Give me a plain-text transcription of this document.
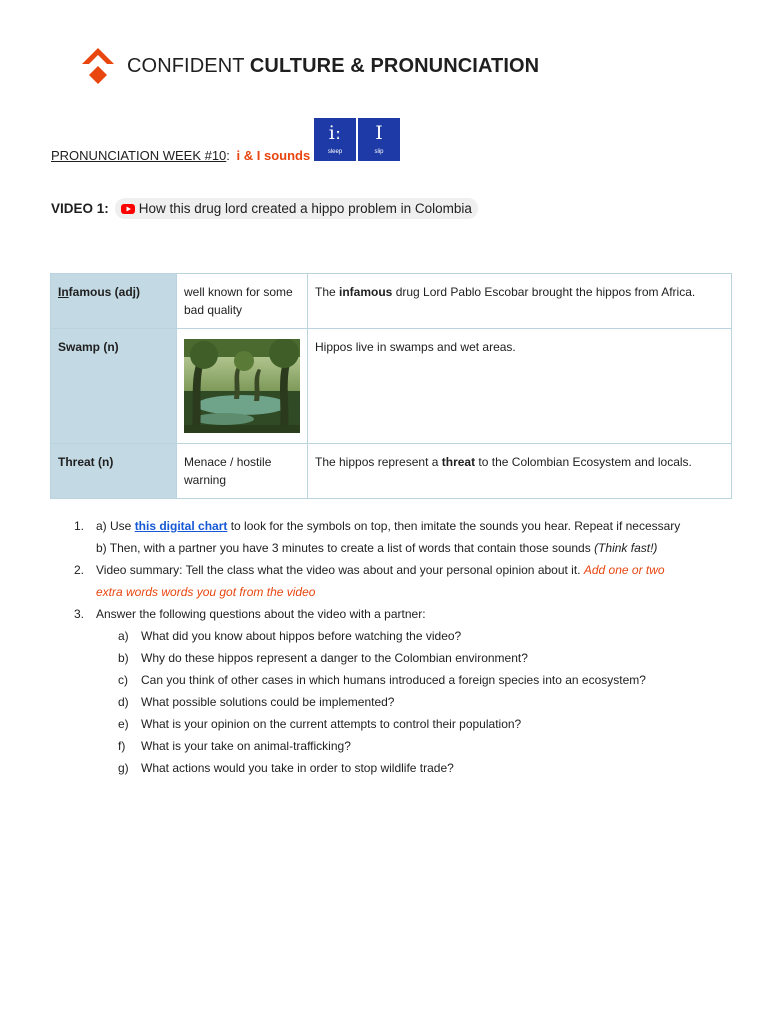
CONFIDENT CULTURE & PRONUNCIATION
PRONUNCIATION WEEK #10: i & I sounds
iː
sleep
I
slip
VIDEO 1: How this drug lord created a hippo problem in Colombia
Infamous (adj)	well known for some bad quality	The infamous drug Lord Pablo Escobar brought the hippos from Africa.
Swamp (n)		Hippos live in swamps and wet areas.
Threat (n)	Menace / hostile warning	The hippos represent a threat to the Colombian Ecosystem and locals.
1. a) Use this digital chart to look for the symbols on top, then imitate the sounds you hear. Repeat if necessary
b) Then, with a partner you have 3 minutes to create a list of words that contain those sounds (Think fast!)
2. Video summary: Tell the class what the video was about and your personal opinion about it. Add one or two extra words words you got from the video
3. Answer the following questions about the video with a partner:
a) What did you know about hippos before watching the video?
b) Why do these hippos represent a danger to the Colombian environment?
c) Can you think of other cases in which humans introduced a foreign species into an ecosystem?
d) What possible solutions could be implemented?
e) What is your opinion on the current attempts to control their population?
f) What is your take on animal-trafficking?
g) What actions would you take in order to stop wildlife trade?
